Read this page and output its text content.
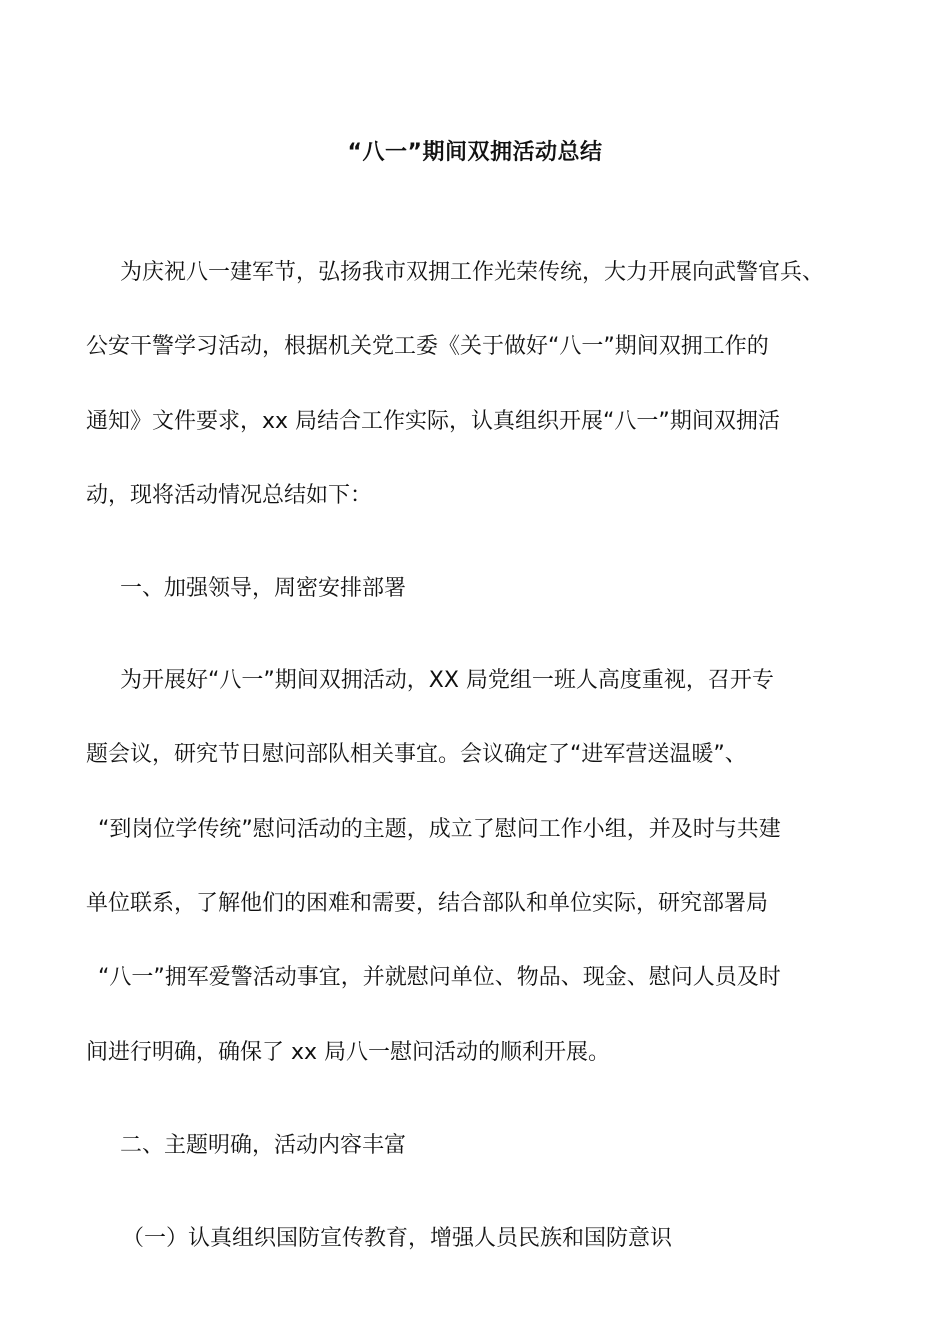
“八一”期间双拥活动总结
为庆祝八一建军节，弘扬我市双拥工作光荣传统，大力开展向武警官兵、
公安干警学习活动，根据机关党工委《关于做好“八一”期间双拥工作的
通知》文件要求，xx 局结合工作实际，认真组织开展“八一”期间双拥活
动，现将活动情况总结如下：
一、加强领导，周密安排部署
为开展好“八一”期间双拥活动，XX 局党组一班人高度重视，召开专
题会议，研究节日慰问部队相关事宜。会议确定了“进军营送温暖”、
“到岗位学传统”慰问活动的主题，成立了慰问工作小组，并及时与共建
单位联系，了解他们的困难和需要，结合部队和单位实际，研究部署局
“八一”拥军爱警活动事宜，并就慰问单位、物品、现金、慰问人员及时
间进行明确，确保了 xx 局八一慰问活动的顺利开展。
二、主题明确，活动内容丰富
（一）认真组织国防宣传教育，增强人员民族和国防意识
